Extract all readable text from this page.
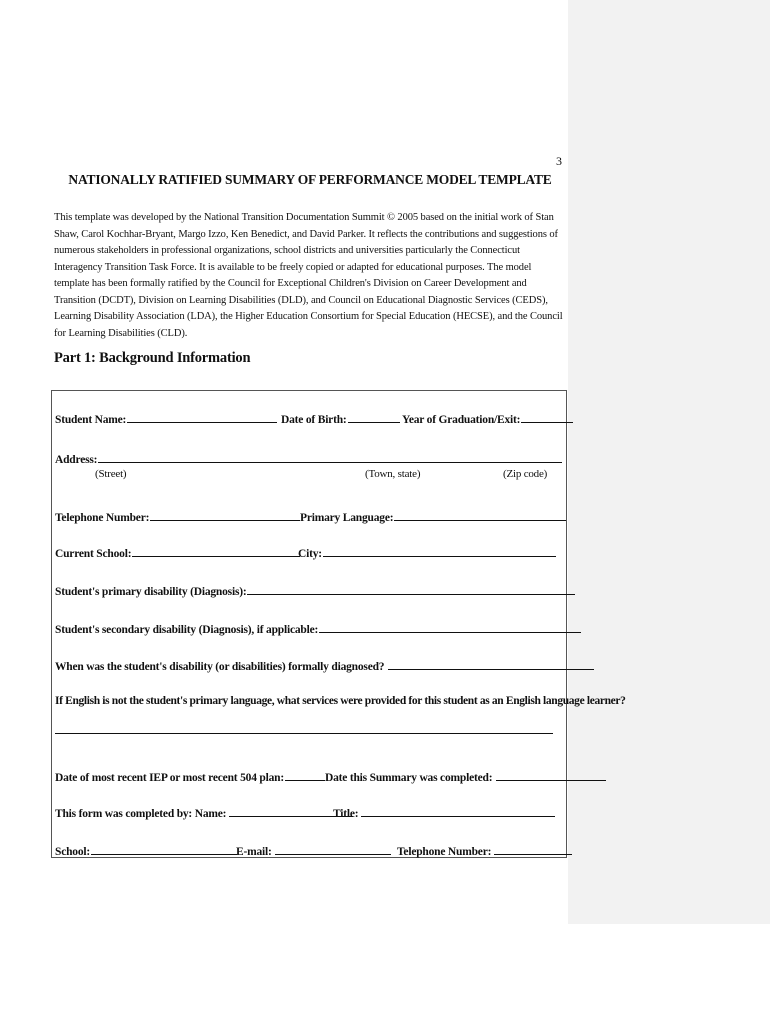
3
NATIONALLY RATIFIED SUMMARY OF PERFORMANCE MODEL TEMPLATE

This template was developed by the National Transition Documentation Summit © 2005 based on the initial work of Stan Shaw, Carol Kochhar-Bryant, Margo Izzo, Ken Benedict, and David Parker. It reflects the contributions and suggestions of numerous stakeholders in professional organizations, school districts and universities particularly the Connecticut Interagency Transition Task Force. It is available to be freely copied or adapted for educational purposes. The model template has been formally ratified by the Council for Exceptional Children's Division on Career Development and Transition (DCDT), Division on Learning Disabilities (DLD), and Council on Educational Diagnostic Services (CEDS), Learning Disability Association (LDA), the Higher Education Consortium for Special Education (HECSE), and the Council for Learning Disabilities (CLD).

Part 1: Background Information
Student Name:	Date of Birth:	Year of Graduation/Exit:
Address:
(Street)	(Town, state)	(Zip code)
Telephone Number:	Primary Language:
Current School:	City:
Student's primary disability (Diagnosis):
Student's secondary disability (Diagnosis), if applicable:
When was the student's disability (or disabilities) formally diagnosed?
If English is not the student's primary language, what services were provided for this student as an English language learner?
Date of most recent IEP or most recent 504 plan:	Date this Summary was completed:
This form was completed by: Name:	Title:
School:	E-mail:	Telephone Number:
